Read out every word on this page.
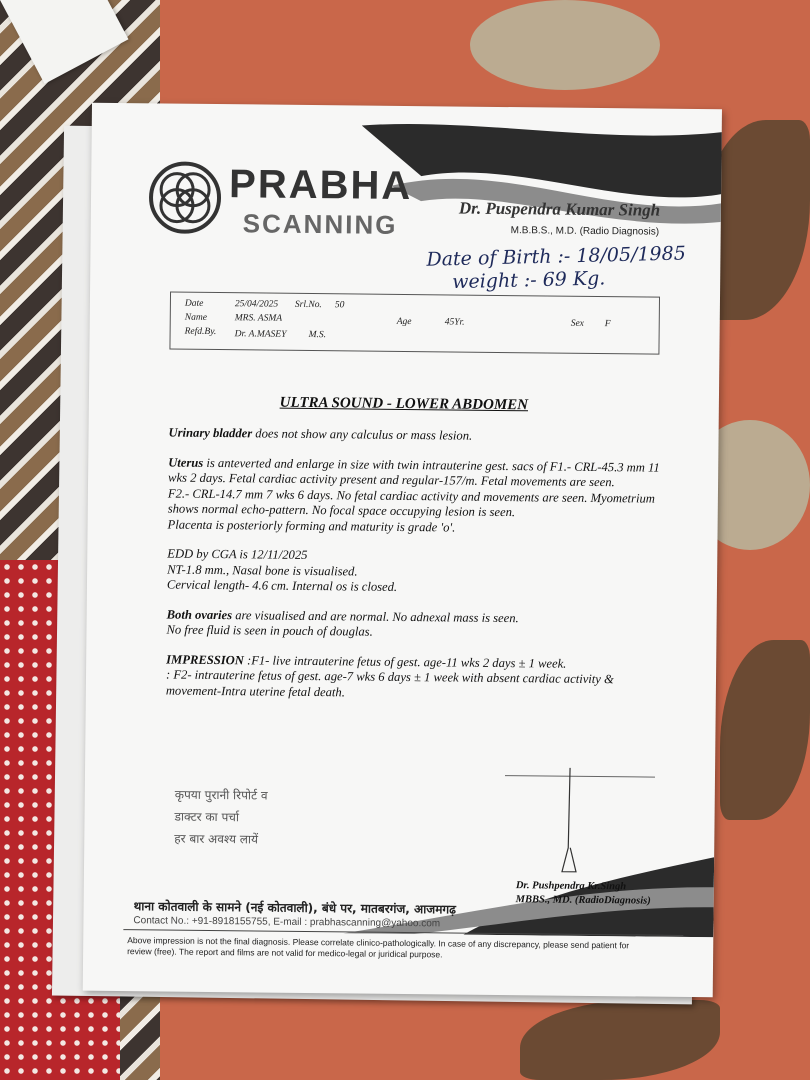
PRABHA
SCANNING	Dr. Puspendra Kumar Singh
M.B.B.S., M.D. (Radio Diagnosis)
Date of Birth :- 18/05/1985
weight :- 69 Kg.
Date	25/04/2025 Srl.No. 50
Name	MRS. ASMA	Age	45Yr.	Sex F
Refd.By. Dr. A.MASEY M.S.
ULTRA SOUND - LOWER ABDOMEN

Urinary bladder does not show any calculus or mass lesion.

Uterus is anteverted and enlarge in size with twin intrauterine gest. sacs of F1.- CRL-45.3 mm 11 wks 2 days. Fetal cardiac activity present and regular-157/m. Fetal movements are seen.

F2.- CRL-14.7 mm 7 wks 6 days. No fetal cardiac activity and movements are seen. Myometrium shows normal echo-pattern. No focal space occupying lesion is seen.

Placenta is posteriorly forming and maturity is grade 'o'.

EDD by CGA is 12/11/2025

NT-1.8 mm., Nasal bone is visualised.

Cervical length- 4.6 cm. Internal os is closed.

Both ovaries are visualised and are normal. No adnexal mass is seen.

No free fluid is seen in pouch of douglas.

IMPRESSION :F1- live intrauterine fetus of gest. age-11 wks 2 days ± 1 week.

: F2- intrauterine fetus of gest. age-7 wks 6 days ± 1 week with absent cardiac activity & movement-Intra uterine fetal death.

कृपया पुरानी रिपोर्ट व
डाक्टर का पर्चा
हर बार अवश्य लायें
Dr. Pushpendra Kr.Singh
MBBS., MD. (RadioDiagnosis)
थाना कोतवाली के सामने (नई कोतवाली), बंधे पर, मातबरगंज, आजमगढ़
Contact No.: +91-8918155755, E-mail : prabhascanning@yahoo.com
Above impression is not the final diagnosis. Please correlate clinico-pathologically. In case of any discrepancy, please send patient for review (free). The report and films are not valid for medico-legal or juridical purpose.
